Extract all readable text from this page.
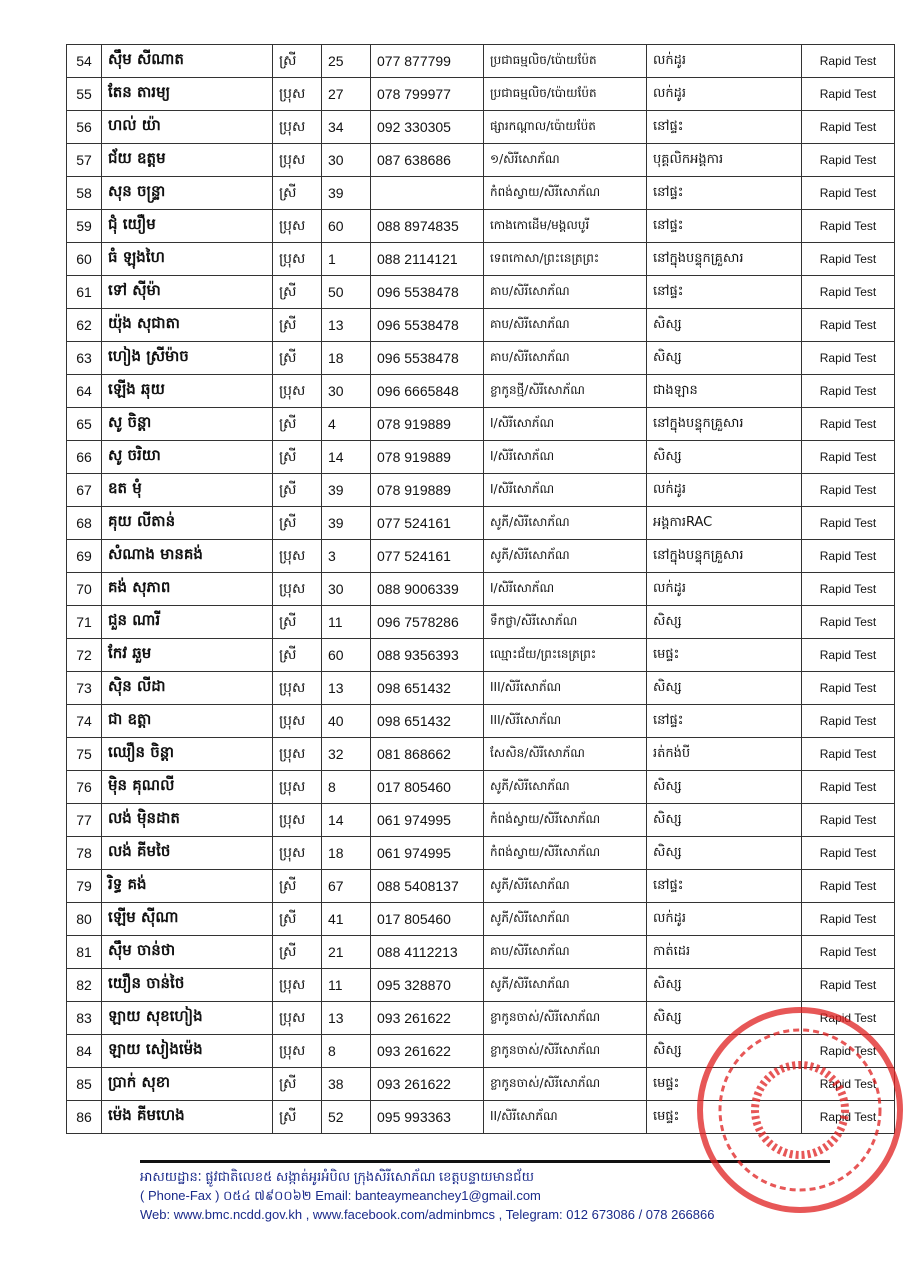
54	ស៊ឹម សីណាត	ស្រី	25	077 877799	ប្រជាធម្មលិច/ប៉ោយប៉ែត	លក់ដូរ	Rapid Test
55	តែន តារម្យ	ប្រុស	27	078 799977	ប្រជាធម្មលិច/ប៉ោយប៉ែត	លក់ដូរ	Rapid Test
56	ហល់ យ៉ា	ប្រុស	34	092 330305	ផ្សារកណ្ដាល/ប៉ោយប៉ែត	នៅផ្ទះ	Rapid Test
57	ជ័យ ឧត្ដម	ប្រុស	30	087 638686	១/សិរីសោភ័ណ	បុគ្គលិកអង្គការ	Rapid Test
58	សុន ចន្ទ្រា	ស្រី	39		កំពង់ស្វាយ/សិរីសោភ័ណ	នៅផ្ទះ	Rapid Test
59	ជុំ យឿម	ប្រុស	60	088 8974835	កោងកោដើម/មង្គលបូរី	នៅផ្ទះ	Rapid Test
60	ធំ ឡុងហៃ	ប្រុស	1	088 2114121	ទេពកោសា/ព្រះនេត្រព្រះ	នៅក្នុងបន្ទុកគ្រួសារ	Rapid Test
61	ទៅ ស៊ីម៉ា	ស្រី	50	096 5538478	គាប/សិរីសោភ័ណ	នៅផ្ទះ	Rapid Test
62	យ៉ុង សុជាតា	ស្រី	13	096 5538478	គាប/សិរីសោភ័ណ	សិស្ស	Rapid Test
63	ហៀង ស្រីម៉ាច	ស្រី	18	096 5538478	គាប/សិរីសោភ័ណ	សិស្ស	Rapid Test
64	ឡើង ឆុយ	ប្រុស	30	096 6665848	ខ្លាកូនថ្មី/សិរីសោភ័ណ	ជាងឡាន	Rapid Test
65	សូ ចិន្ដា	ស្រី	4	078 919889	I/សិរីសោភ័ណ	នៅក្នុងបន្ទុកគ្រួសារ	Rapid Test
66	សូ ចរិយា	ស្រី	14	078 919889	I/សិរីសោភ័ណ	សិស្ស	Rapid Test
67	ឧត មុំ	ស្រី	39	078 919889	I/សិរីសោភ័ណ	លក់ដូរ	Rapid Test
68	គុយ លីតាន់	ស្រី	39	077 524161	សូភី/សិរីសោភ័ណ	អង្គការRAC	Rapid Test
69	សំណាង មានគង់	ប្រុស	3	077 524161	សូភី/សិរីសោភ័ណ	នៅក្នុងបន្ទុកគ្រួសារ	Rapid Test
70	គង់ សុភាព	ប្រុស	30	088 9006339	I/សិរីសោភ័ណ	លក់ដូរ	Rapid Test
71	ជួន ណារី	ស្រី	11	096 7578286	ទឹកថ្លា/សិរីសោភ័ណ	សិស្ស	Rapid Test
72	កែវ ឆួម	ស្រី	60	088 9356393	ឈ្មោះជ័យ/ព្រះនេត្រព្រះ	មេផ្ទះ	Rapid Test
73	ស៊ិន លីដា	ប្រុស	13	098 651432	III/សិរីសោភ័ណ	សិស្ស	Rapid Test
74	ជា ឧត្ដា	ប្រុស	40	098 651432	III/សិរីសោភ័ណ	នៅផ្ទះ	Rapid Test
75	ឈឿន ចិន្ដា	ប្រុស	32	081 868662	សែសិន/សិរីសោភ័ណ	រត់កង់បី	Rapid Test
76	ម៉ិន គុណលី	ប្រុស	8	017 805460	សូភី/សិរីសោភ័ណ	សិស្ស	Rapid Test
77	លង់ ម៉ិនដាត	ប្រុស	14	061 974995	កំពង់ស្វាយ/សិរីសោភ័ណ	សិស្ស	Rapid Test
78	លង់ គីមថៃ	ប្រុស	18	061 974995	កំពង់ស្វាយ/សិរីសោភ័ណ	សិស្ស	Rapid Test
79	រិទ្ធ គង់	ស្រី	67	088 5408137	សូភី/សិរីសោភ័ណ	នៅផ្ទះ	Rapid Test
80	ឡេីម ស៊ីណា	ស្រី	41	017 805460	សូភី/សិរីសោភ័ណ	លក់ដូរ	Rapid Test
81	ស៊ឹម ចាន់ថា	ស្រី	21	088 4112213	គាប/សិរីសោភ័ណ	កាត់ដេរ	Rapid Test
82	យឿន ចាន់ថៃ	ប្រុស	11	095 328870	សូភី/សិរីសោភ័ណ	សិស្ស	Rapid Test
83	ឡាយ សុខហៀង	ប្រុស	13	093 261622	ខ្លាកូនចាស់/សិរីសោភ័ណ	សិស្ស	Rapid Test
84	ឡាយ សៀងម៉េង	ប្រុស	8	093 261622	ខ្លាកូនចាស់/សិរីសោភ័ណ	សិស្ស	Rapid Test
85	ប្រាក់ សុខា	ស្រី	38	093 261622	ខ្លាកូនចាស់/សិរីសោភ័ណ	មេផ្ទះ	Rapid Test
86	ម៉េង គីមហេង	ស្រី	52	095 993363	II/សិរីសោភ័ណ	មេផ្ទះ	Rapid Test
អាសយដ្ឋានៈ ផ្លូវជាតិលេខ៥ សង្កាត់អូរអំបិល ក្រុងសិរីសោភ័ណ ខេត្តបន្ទាយមានជ័យ
( Phone-Fax ) ០៥៤ ៧៩០០៦២ Email: banteaymeanchey1@gmail.com
Web: www.bmc.ncdd.gov.kh , www.facebook.com/adminbmcs , Telegram: 012 673086 / 078 266866
